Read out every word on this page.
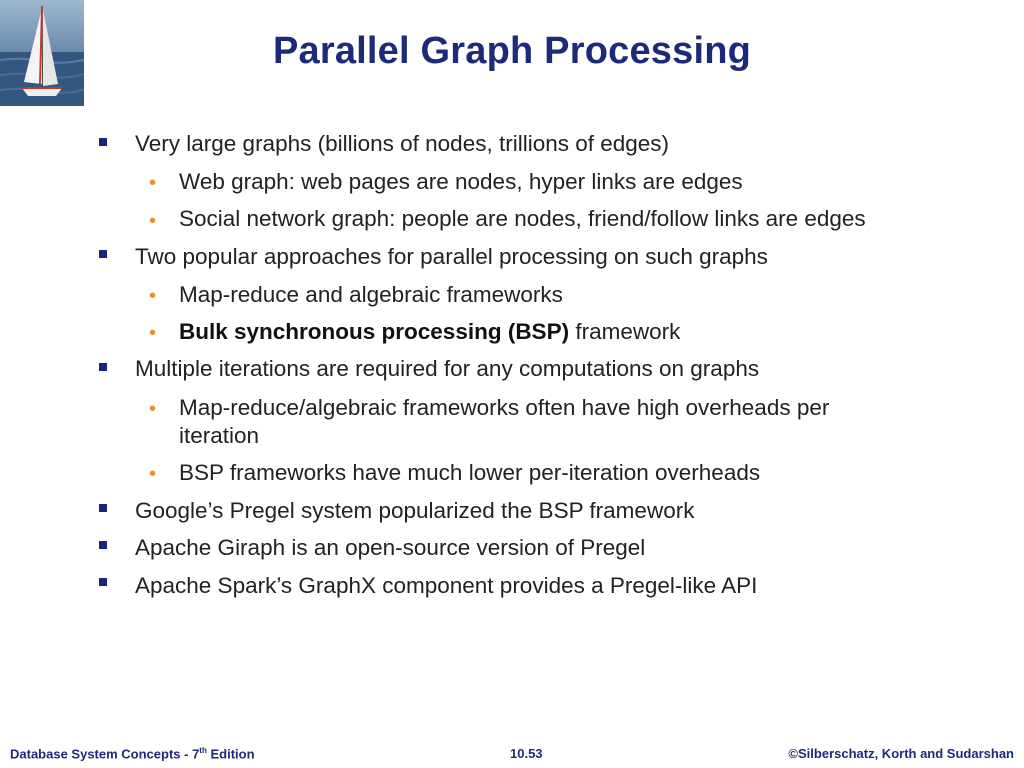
Parallel Graph Processing
Very large graphs (billions of nodes, trillions of edges)
• Web graph: web pages are nodes, hyper links are edges
• Social network graph: people are nodes, friend/follow links are edges
Two popular approaches for parallel processing on such graphs
• Map-reduce and algebraic frameworks
• Bulk synchronous processing (BSP) framework
Multiple iterations are required for any computations on graphs
• Map-reduce/algebraic frameworks often have high overheads per
iteration
• BSP frameworks have much lower per-iteration overheads
Google’s Pregel system popularized the BSP framework
Apache Giraph is an open-source version of Pregel
Apache Spark’s GraphX component provides a Pregel-like API
Database System Concepts - 7th Edition	10.53	©Silberschatz, Korth and Sudarshan
